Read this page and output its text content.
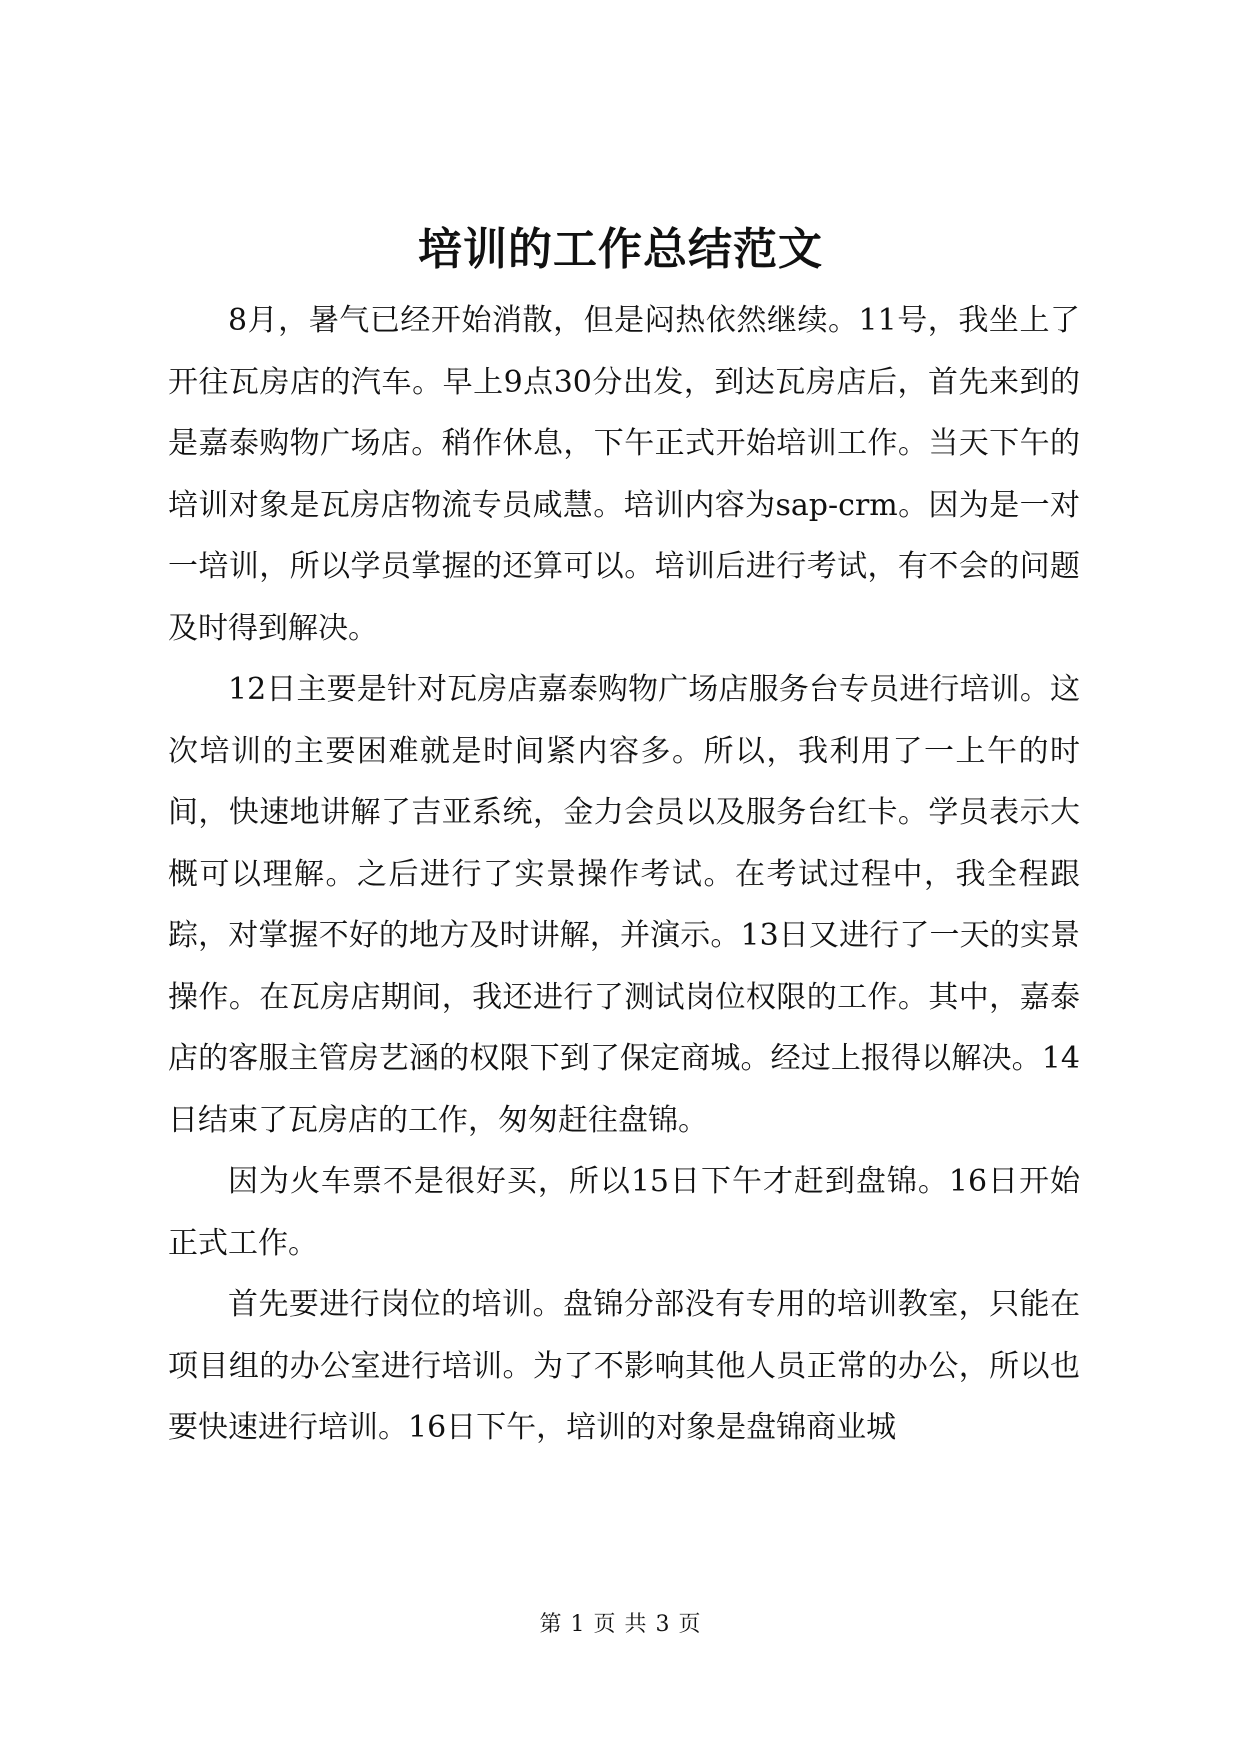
培训的工作总结范文

8月，暑气已经开始消散，但是闷热依然继续。11号，我坐上了开往瓦房店的汽车。早上9点30分出发，到达瓦房店后，首先来到的是嘉泰购物广场店。稍作休息，下午正式开始培训工作。当天下午的培训对象是瓦房店物流专员咸慧。培训内容为sap-crm。因为是一对一培训，所以学员掌握的还算可以。培训后进行考试，有不会的问题及时得到解决。

12日主要是针对瓦房店嘉泰购物广场店服务台专员进行培训。这次培训的主要困难就是时间紧内容多。所以，我利用了一上午的时间，快速地讲解了吉亚系统，金力会员以及服务台红卡。学员表示大概可以理解。之后进行了实景操作考试。在考试过程中，我全程跟踪，对掌握不好的地方及时讲解，并演示。13日又进行了一天的实景操作。在瓦房店期间，我还进行了测试岗位权限的工作。其中，嘉泰店的客服主管房艺涵的权限下到了保定商城。经过上报得以解决。14日结束了瓦房店的工作，匆匆赶往盘锦。

因为火车票不是很好买，所以15日下午才赶到盘锦。16日开始正式工作。

首先要进行岗位的培训。盘锦分部没有专用的培训教室，只能在项目组的办公室进行培训。为了不影响其他人员正常的办公，所以也要快速进行培训。16日下午，培训的对象是盘锦商业城

第 1 页 共 3 页
